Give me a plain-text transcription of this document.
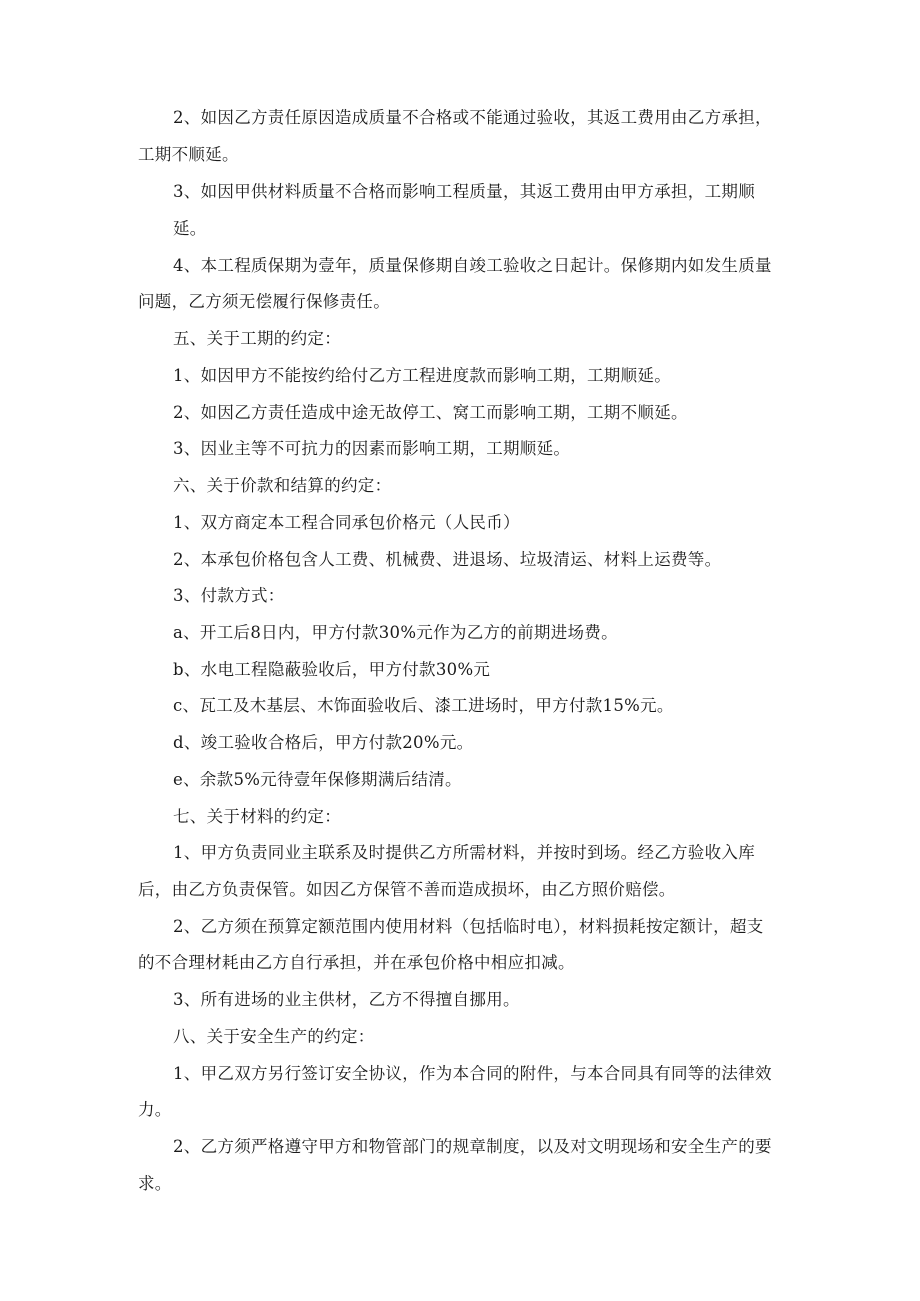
2、如因乙方责任原因造成质量不合格或不能通过验收，其返工费用由乙方承担，

工期不顺延。

3、如因甲供材料质量不合格而影响工程质量，其返工费用由甲方承担，工期顺

延。

4、本工程质保期为壹年，质量保修期自竣工验收之日起计。保修期内如发生质量

问题，乙方须无偿履行保修责任。

五、关于工期的约定：

1、如因甲方不能按约给付乙方工程进度款而影响工期，工期顺延。

2、如因乙方责任造成中途无故停工、窝工而影响工期，工期不顺延。

3、因业主等不可抗力的因素而影响工期，工期顺延。

六、关于价款和结算的约定：

1、双方商定本工程合同承包价格元（人民币）

2、本承包价格包含人工费、机械费、进退场、垃圾清运、材料上运费等。

3、付款方式：

a、开工后8日内，甲方付款30%元作为乙方的前期进场费。

b、水电工程隐蔽验收后，甲方付款30%元

c、瓦工及木基层、木饰面验收后、漆工进场时，甲方付款15%元。

d、竣工验收合格后，甲方付款20%元。

e、余款5%元待壹年保修期满后结清。

七、关于材料的约定：

1、甲方负责同业主联系及时提供乙方所需材料，并按时到场。经乙方验收入库

后，由乙方负责保管。如因乙方保管不善而造成损坏，由乙方照价赔偿。

2、乙方须在预算定额范围内使用材料（包括临时电），材料损耗按定额计，超支

的不合理材耗由乙方自行承担，并在承包价格中相应扣减。

3、所有进场的业主供材，乙方不得擅自挪用。

八、关于安全生产的约定：

1、甲乙双方另行签订安全协议，作为本合同的附件，与本合同具有同等的法律效

力。

2、乙方须严格遵守甲方和物管部门的规章制度，以及对文明现场和安全生产的要

求。
